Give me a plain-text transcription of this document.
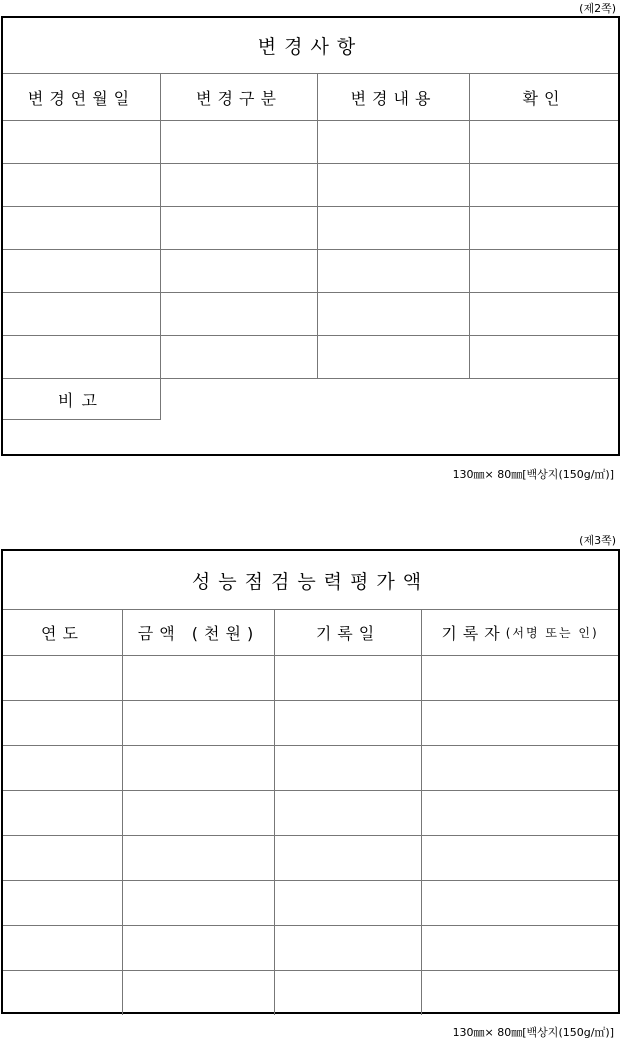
(제2쪽)
변경사항
변경연월일	변경구분	변경내용	확인
비고
130㎜× 80㎜[백상지(150g/㎡)]
(제3쪽)
성능점검능력평가액
연도	금액 (천원)	기록일	기록자 (서명 또는 인)
130㎜× 80㎜[백상지(150g/㎡)]
